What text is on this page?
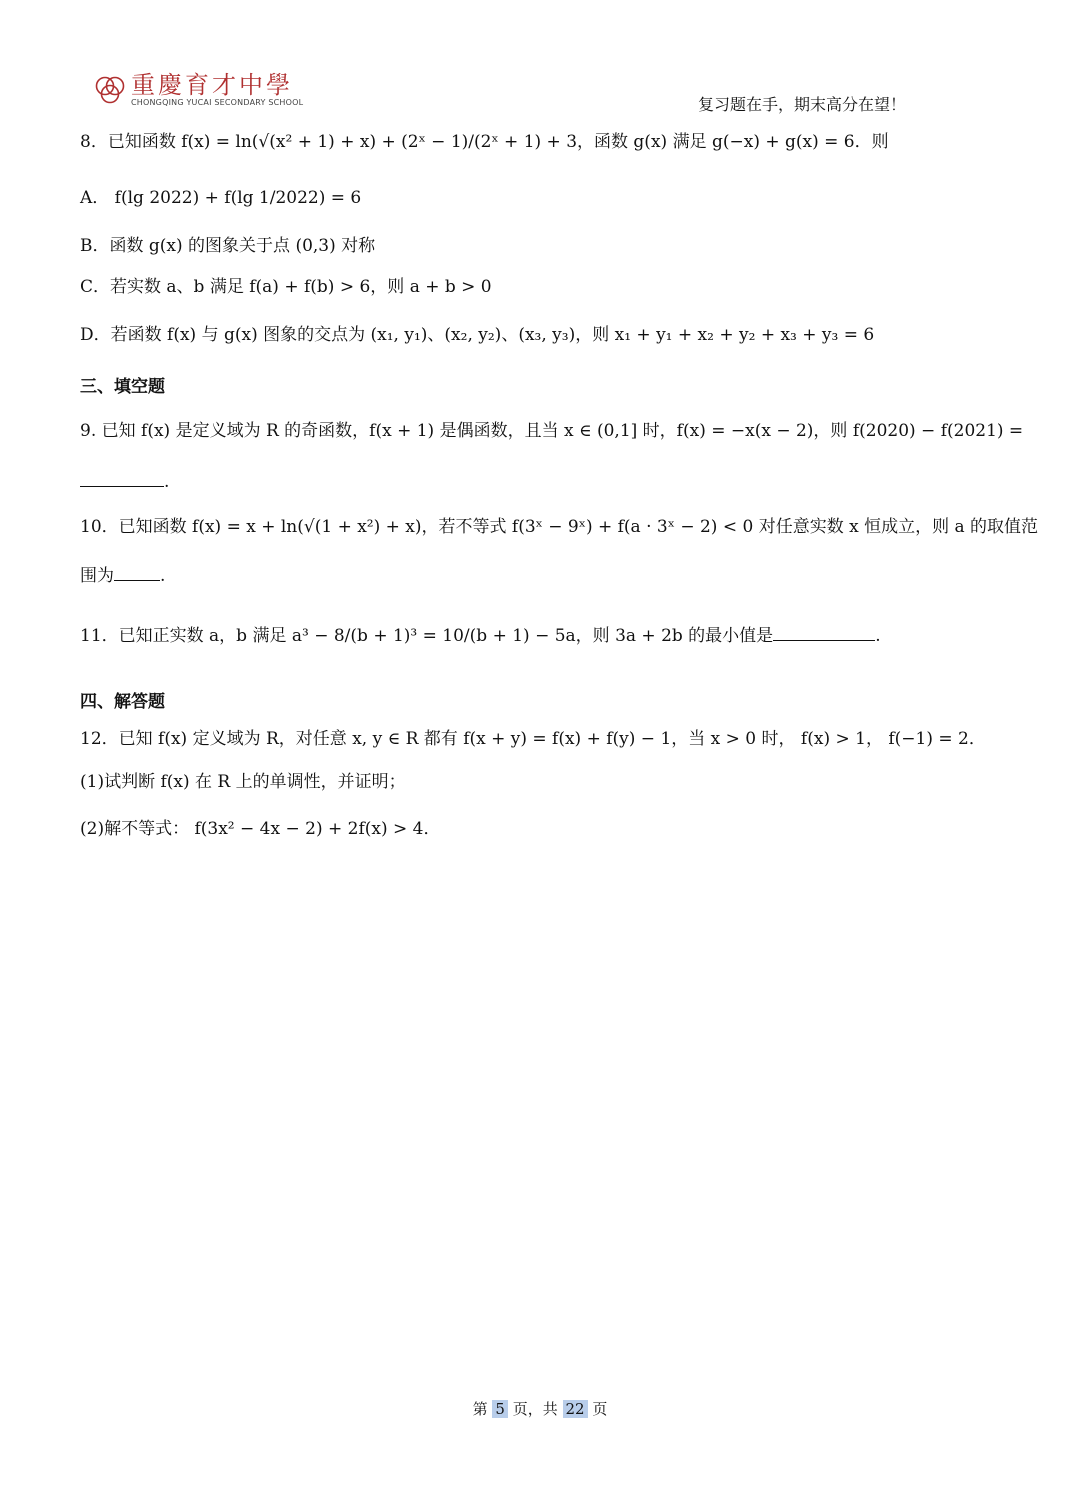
重慶育才中學
CHONGQING YUCAI SECONDARY SCHOOL	复习题在手，期末高分在望！
8．已知函数 f(x) = ln(√(x² + 1) + x) + (2ˣ − 1)/(2ˣ + 1) + 3，函数 g(x) 满足 g(−x) + g(x) = 6．则
A． f(lg 2022) + f(lg 1/2022) = 6
B．函数 g(x) 的图象关于点 (0,3) 对称
C．若实数 a、b 满足 f(a) + f(b) > 6，则 a + b > 0
D．若函数 f(x) 与 g(x) 图象的交点为 (x₁, y₁)、(x₂, y₂)、(x₃, y₃)，则 x₁ + y₁ + x₂ + y₂ + x₃ + y₃ = 6
三、填空题
9. 已知 f(x) 是定义域为 R 的奇函数，f(x + 1) 是偶函数，且当 x ∈ (0,1] 时，f(x) = −x(x − 2)，则 f(2020) − f(2021) =
.
10．已知函数 f(x) = x + ln(√(1 + x²) + x)，若不等式 f(3ˣ − 9ˣ) + f(a · 3ˣ − 2) < 0 对任意实数 x 恒成立，则 a 的取值范
围为	.
11．已知正实数 a，b 满足 a³ − 8/(b + 1)³ = 10/(b + 1) − 5a，则 3a + 2b 的最小值是	.
四、解答题
12．已知 f(x) 定义域为 R，对任意 x, y ∈ R 都有 f(x + y) = f(x) + f(y) − 1，当 x > 0 时， f(x) > 1， f(−1) = 2．
(1)试判断 f(x) 在 R 上的单调性，并证明；
(2)解不等式： f(3x² − 4x − 2) + 2f(x) > 4．
第 5 页，共 22 页
